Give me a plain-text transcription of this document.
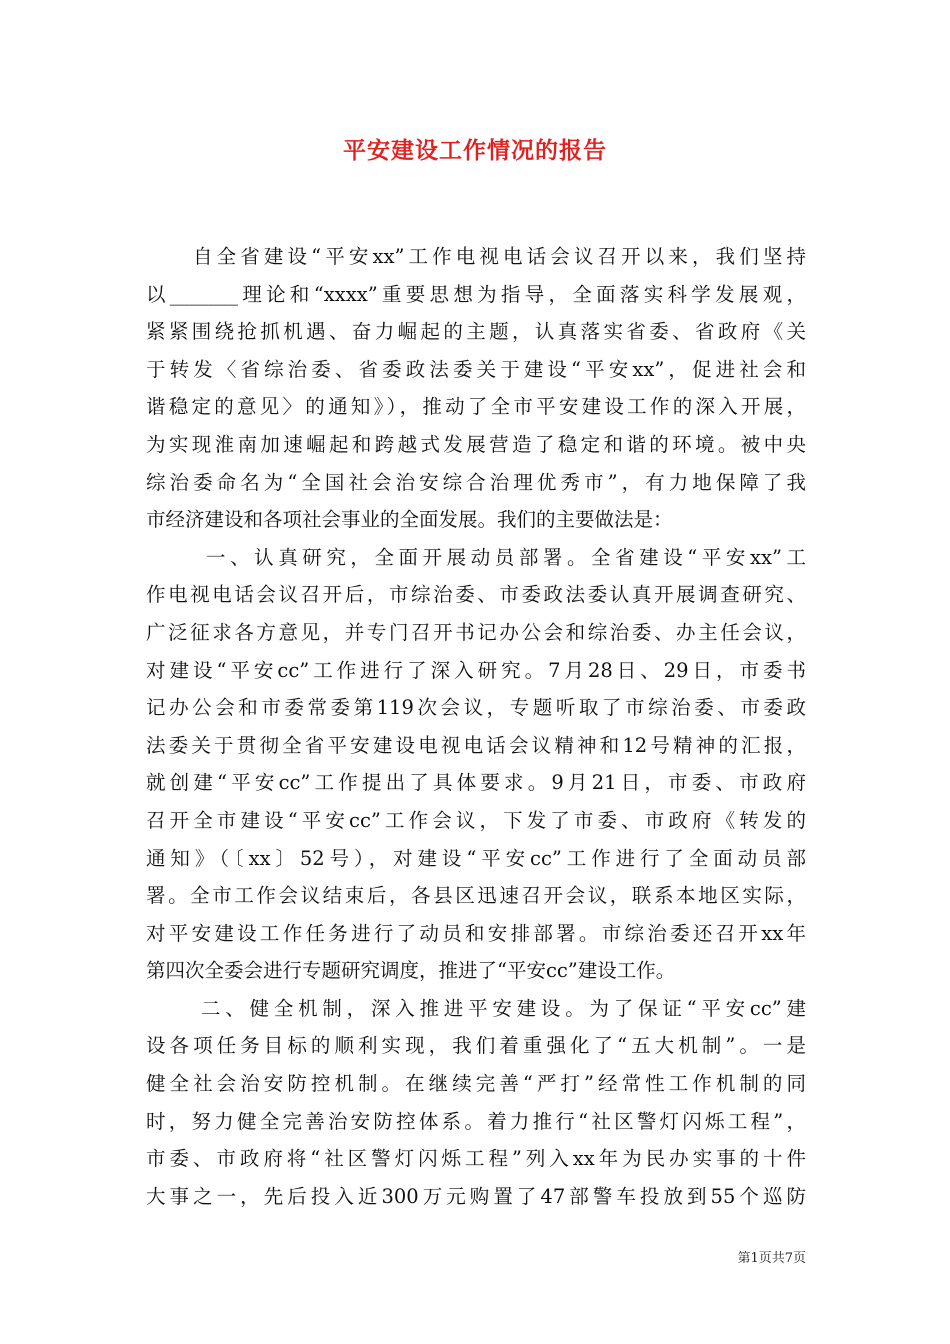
平安建设工作情况的报告
自全省建设“平安xx”工作电视电话会议召开以来，我们坚持
以_______理论和“xxxx”重要思想为指导，全面落实科学发展观，
紧紧围绕抢抓机遇、奋力崛起的主题，认真落实省委、省政府《关
于转发〈省综治委、省委政法委关于建设“平安xx”，促进社会和
谐稳定的意见〉的通知》），推动了全市平安建设工作的深入开展，
为实现淮南加速崛起和跨越式发展营造了稳定和谐的环境。被中央
综治委命名为“全国社会治安综合治理优秀市”，有力地保障了我
市经济建设和各项社会事业的全面发展。我们的主要做法是：
一、认真研究，全面开展动员部署。全省建设“平安xx”工
作电视电话会议召开后，市综治委、市委政法委认真开展调查研究、
广泛征求各方意见，并专门召开书记办公会和综治委、办主任会议，
对建设“平安cc”工作进行了深入研究。7月28日、29日，市委书
记办公会和市委常委第119次会议，专题听取了市综治委、市委政
法委关于贯彻全省平安建设电视电话会议精神和12号精神的汇报，
就创建“平安cc”工作提出了具体要求。9月21日，市委、市政府
召开全市建设“平安cc”工作会议，下发了市委、市政府《转发的
通知》（〔xx〕52号），对建设“平安cc”工作进行了全面动员部
署。全市工作会议结束后，各县区迅速召开会议，联系本地区实际，
对平安建设工作任务进行了动员和安排部署。市综治委还召开xx年
第四次全委会进行专题研究调度，推进了“平安cc”建设工作。
二、健全机制，深入推进平安建设。为了保证“平安cc”建
设各项任务目标的顺利实现，我们着重强化了“五大机制”。一是
健全社会治安防控机制。在继续完善“严打”经常性工作机制的同
时，努力健全完善治安防控体系。着力推行“社区警灯闪烁工程”，
市委、市政府将“社区警灯闪烁工程”列入xx年为民办实事的十件
大事之一，先后投入近300万元购置了47部警车投放到55个巡防
第1页共7页
